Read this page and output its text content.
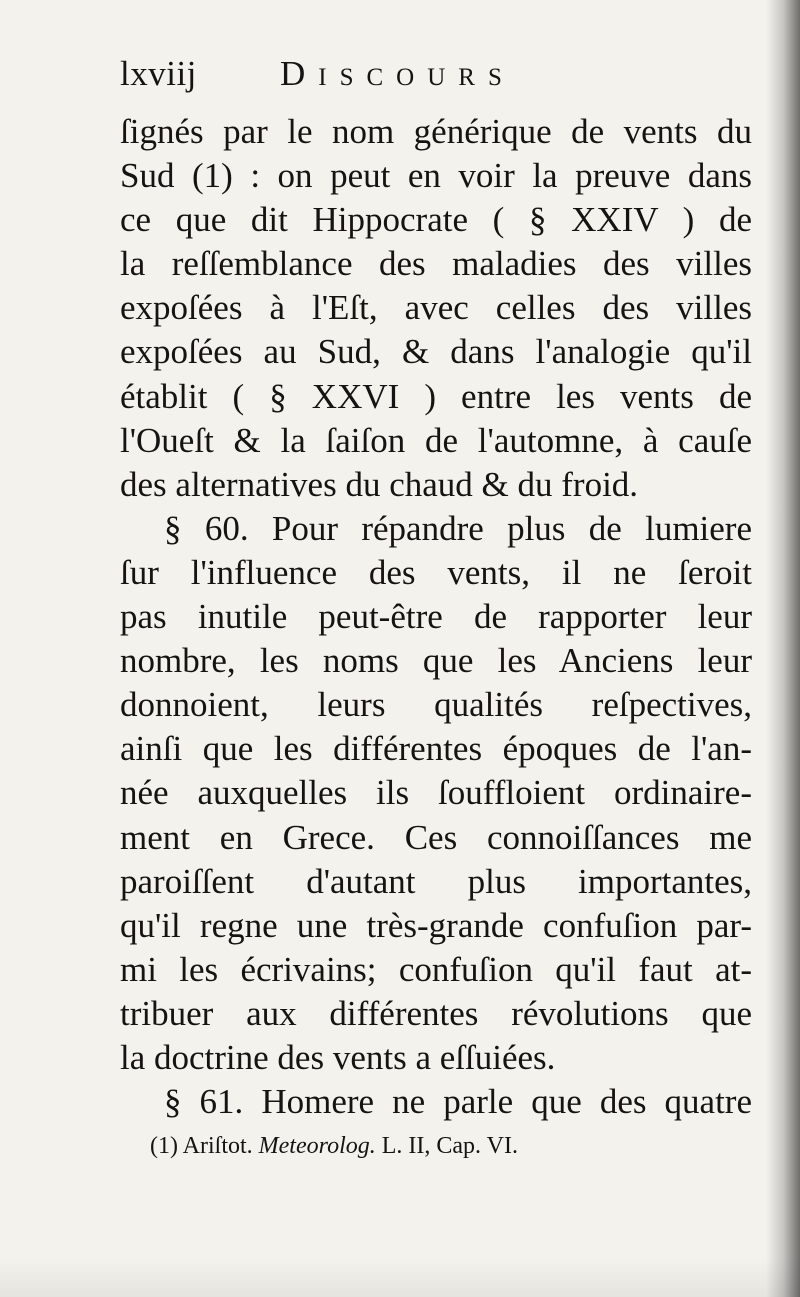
lxviij Discours
ſignés par le nom générique de vents du
Sud (1) : on peut en voir la preuve dans
ce que dit Hippocrate ( § XXIV ) de
la reſſemblance des maladies des villes
expoſées à l'Eſt, avec celles des villes
expoſées au Sud, & dans l'analogie qu'il
établit ( § XXVI ) entre les vents de
l'Oueſt & la ſaiſon de l'automne, à cauſe
des alternatives du chaud & du froid.
§ 60. Pour répandre plus de lumiere
ſur l'influence des vents, il ne ſeroit
pas inutile peut-être de rapporter leur
nombre, les noms que les Anciens leur
donnoient, leurs qualités reſpectives,
ainſi que les différentes époques de l'an-
née auxquelles ils ſouffloient ordinaire-
ment en Grece. Ces connoiſſances me
paroiſſent d'autant plus importantes,
qu'il regne une très-grande confuſion par-
mi les écrivains; confuſion qu'il faut at-
tribuer aux différentes révolutions que
la doctrine des vents a eſſuiées.
§ 61. Homere ne parle que des quatre
(1) Ariſtot. Meteorolog. L. II, Cap. VI.
